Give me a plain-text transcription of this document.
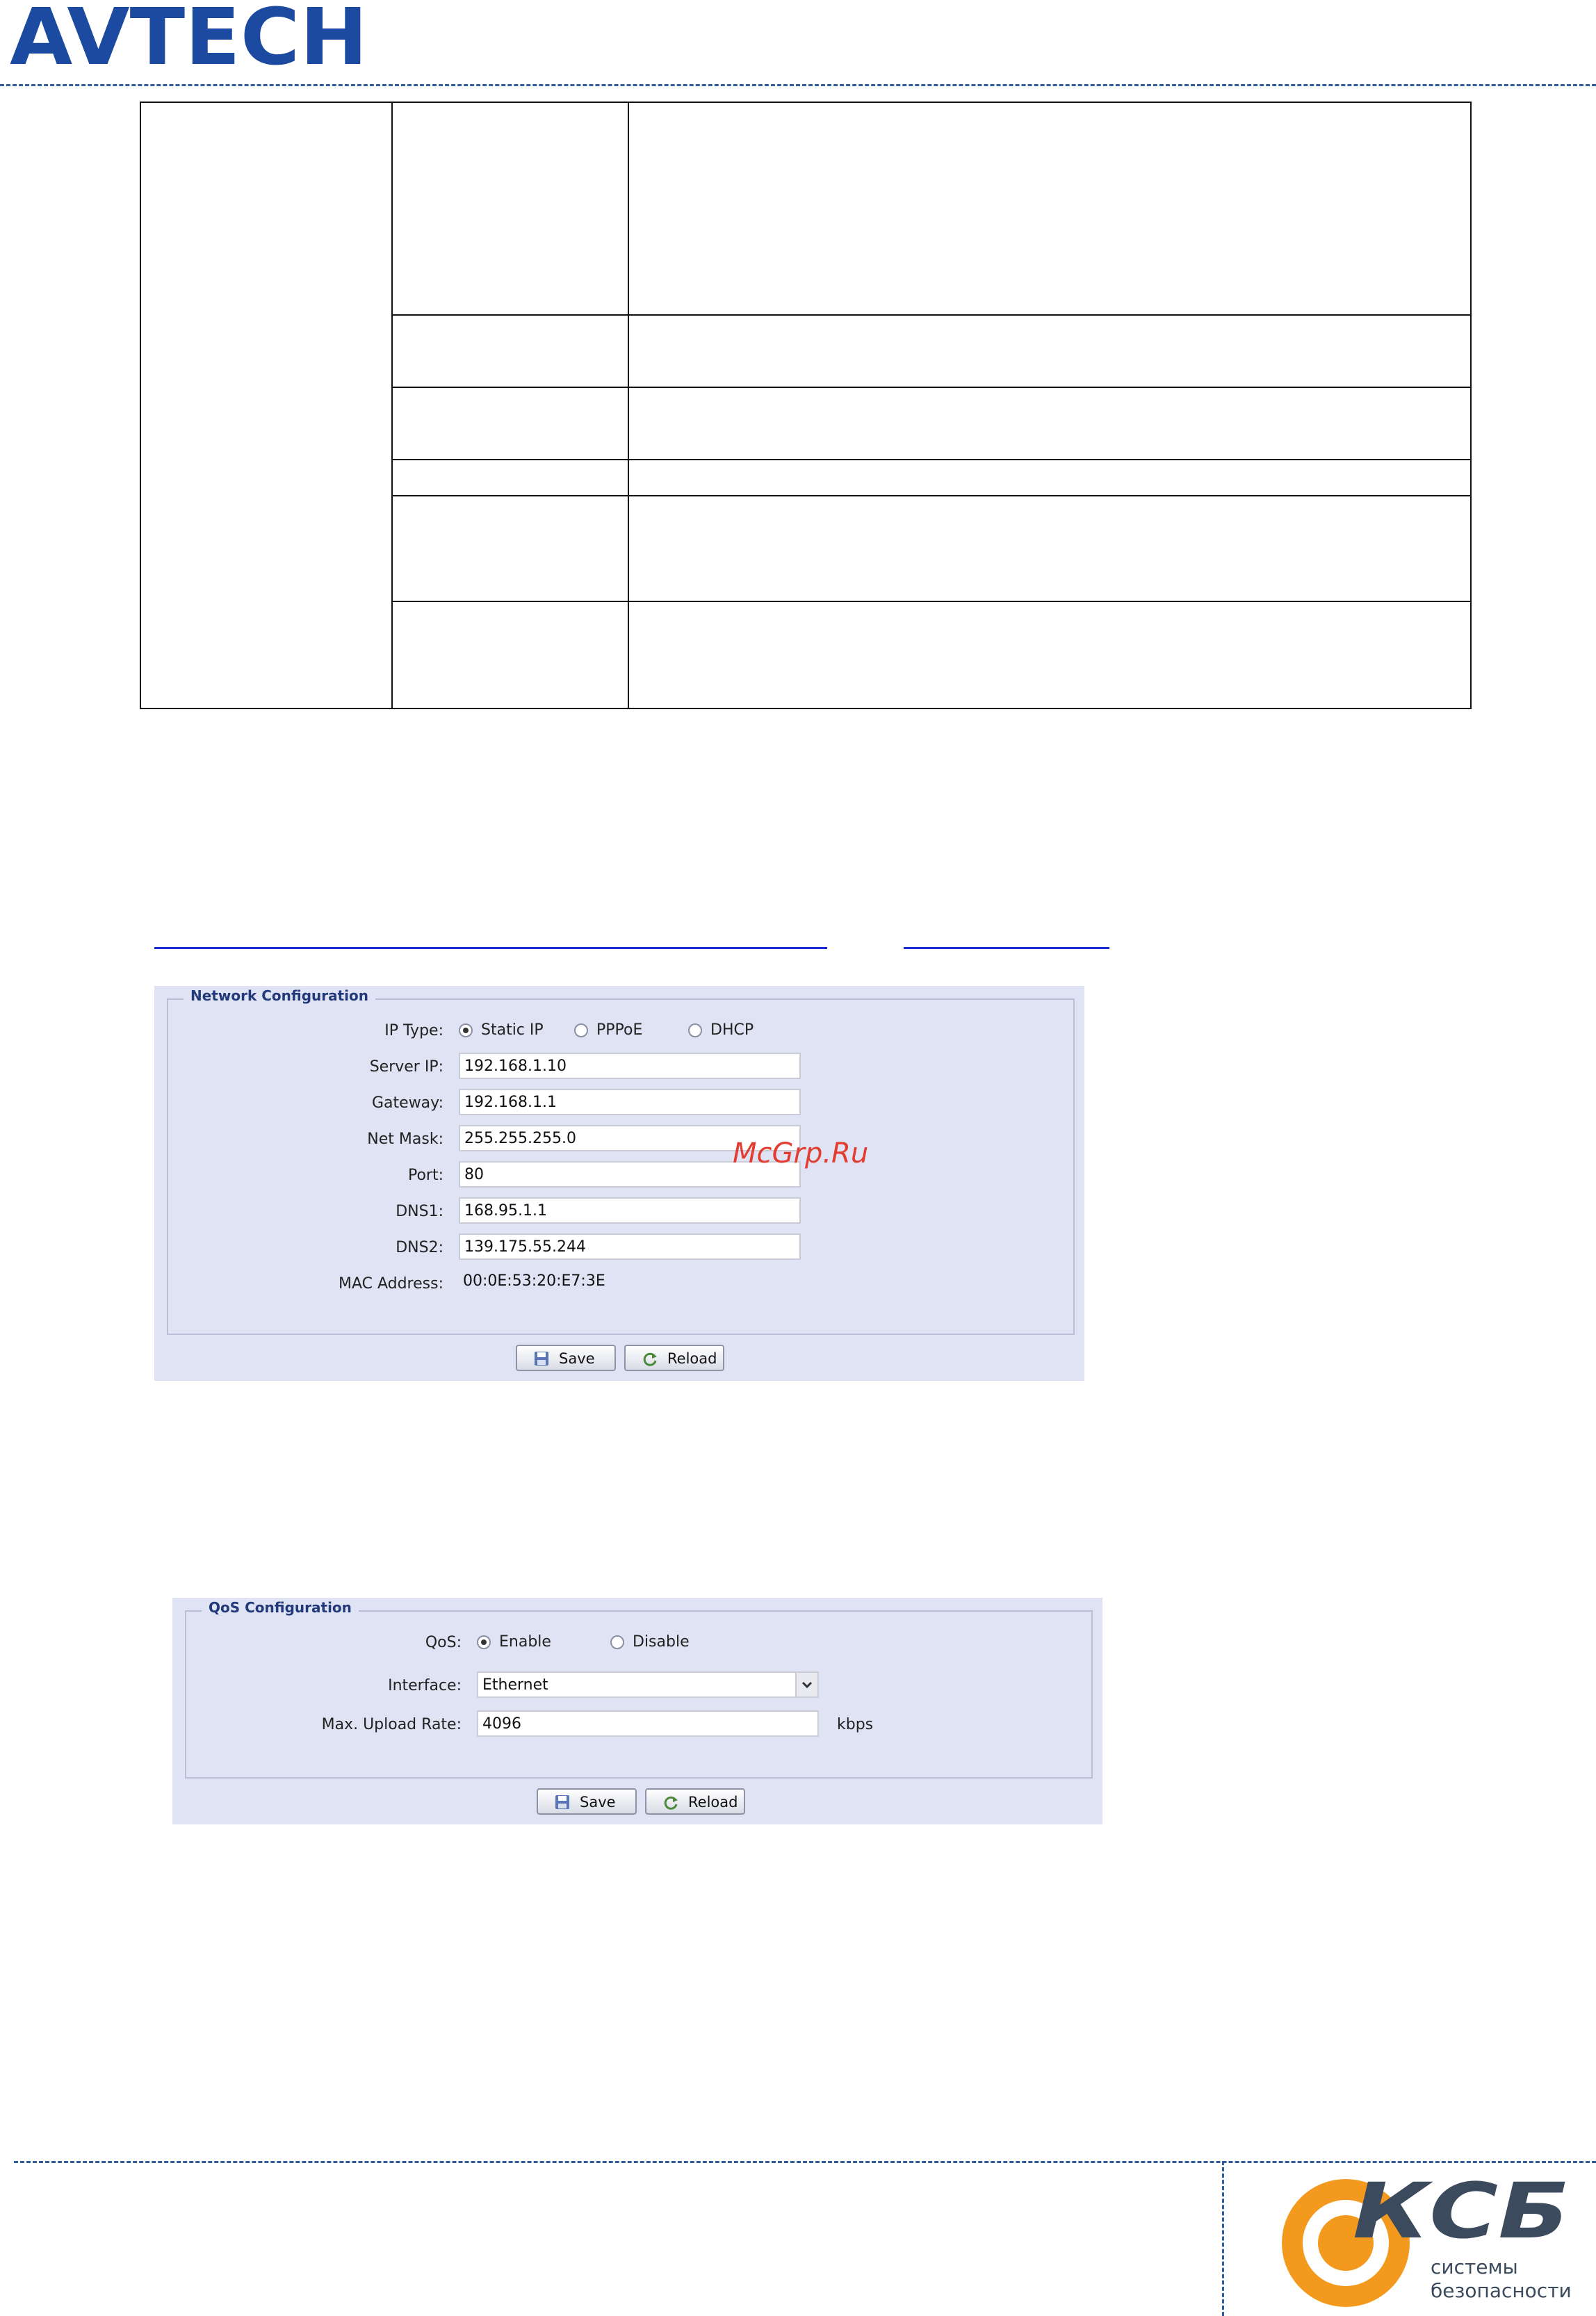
AVTECH
Network Configuration
IP Type: Static IP	PPPoE	DHCP
Server IP:	192.168.1.10
Gateway:	192.168.1.1
Net Mask:	255.255.255.0
Port:	80
DNS1:	168.95.1.1
DNS2:	139.175.55.244
MAC Address: 00:0E:53:20:E7:3E
Save	Reload
McGrp.Ru
QoS Configuration
QoS: Enable	Disable
Interface:	Ethernet
Max. Upload Rate:	4096	kbps
Save	Reload
КСБ
системы
безопасности
